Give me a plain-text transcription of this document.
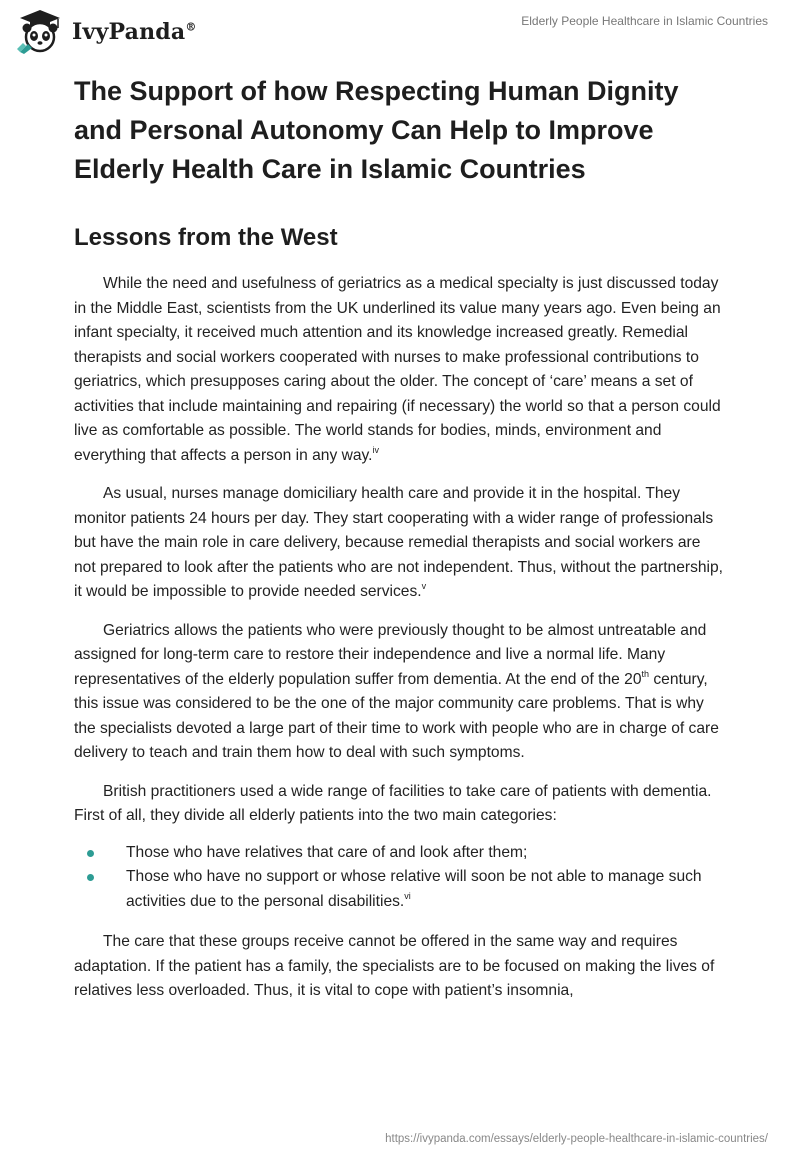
IvyPanda®	Elderly People Healthcare in Islamic Countries
The Support of how Respecting Human Dignity and Personal Autonomy Can Help to Improve Elderly Health Care in Islamic Countries
Lessons from the West

While the need and usefulness of geriatrics as a medical specialty is just discussed today in the Middle East, scientists from the UK underlined its value many years ago. Even being an infant specialty, it received much attention and its knowledge increased greatly. Remedial therapists and social workers cooperated with nurses to make professional contributions to geriatrics, which presupposes caring about the older. The concept of ‘care’ means a set of activities that include maintaining and repairing (if necessary) the world so that a person could live as comfortable as possible. The world stands for bodies, minds, environment and everything that affects a person in any way.$^{iv}$

As usual, nurses manage domiciliary health care and provide it in the hospital. They monitor patients 24 hours per day. They start cooperating with a wider range of professionals but have the main role in care delivery, because remedial therapists and social workers are not prepared to look after the patients who are not independent. Thus, without the partnership, it would be impossible to provide needed services.$^v$

Geriatrics allows the patients who were previously thought to be almost untreatable and assigned for long-term care to restore their independence and live a normal life. Many representatives of the elderly population suffer from dementia. At the end of the 20th century, this issue was considered to be the one of the major community care problems. That is why the specialists devoted a large part of their time to work with people who are in charge of care delivery to teach and train them how to deal with such symptoms.

British practitioners used a wide range of facilities to take care of patients with dementia. First of all, they divide all elderly patients into the two main categories:

Those who have relatives that care of and look after them;
Those who have no support or whose relative will soon be not able to manage such activities due to the personal disabilities.$^{vi}$

The care that these groups receive cannot be offered in the same way and requires adaptation. If the patient has a family, the specialists are to be focused on making the lives of relatives less overloaded. Thus, it is vital to cope with patient’s insomnia,

https://ivypanda.com/essays/elderly-people-healthcare-in-islamic-countries/
